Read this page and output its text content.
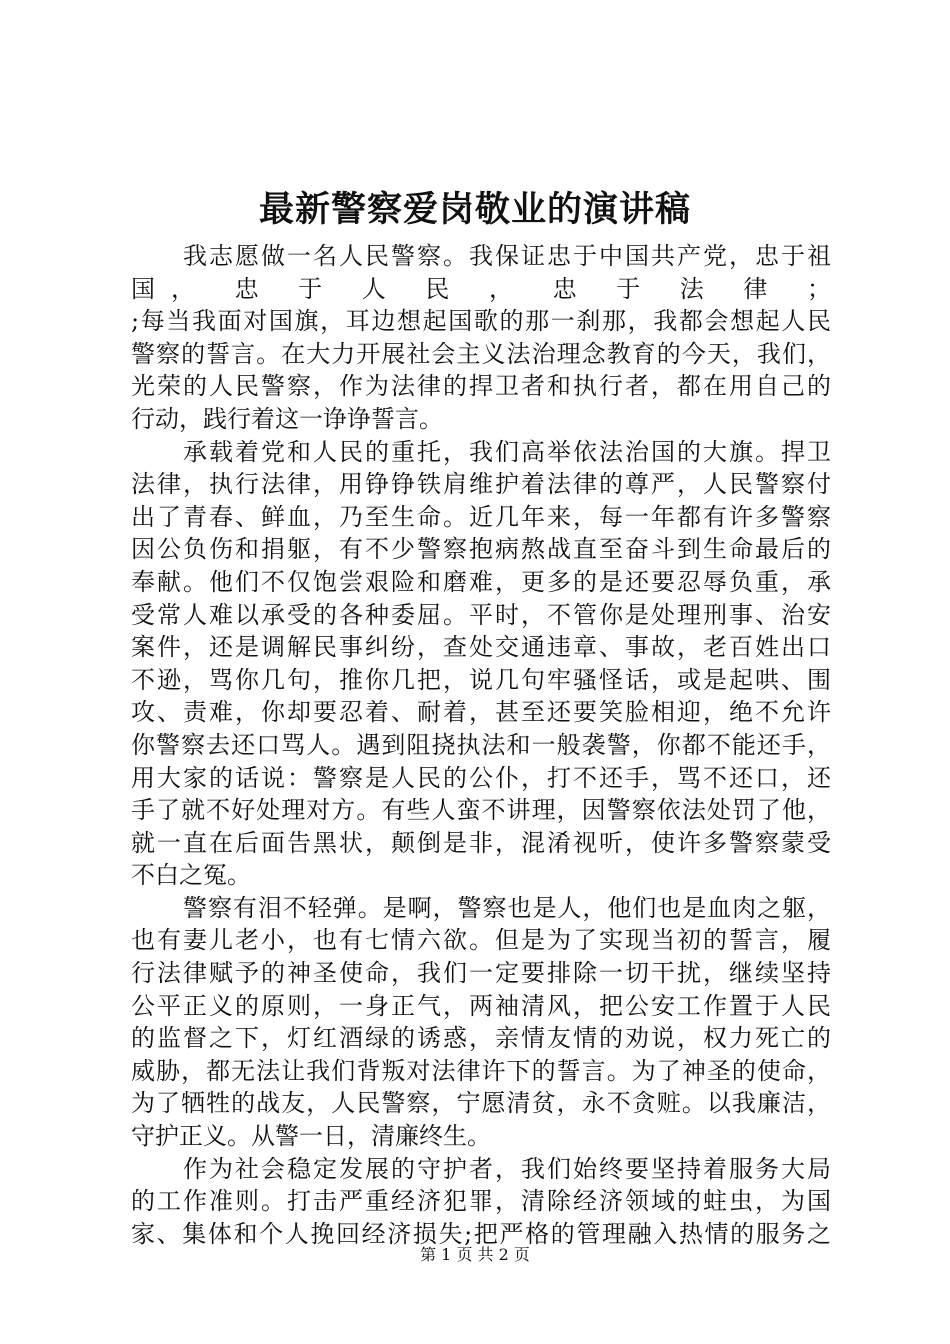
最新警察爱岗敬业的演讲稿
我志愿做一名人民警察。我保证忠于中国共产党，忠于祖
国， 忠 于 人 民 ， 忠 于 法 律 ；
;每当我面对国旗，耳边想起国歌的那一刹那，我都会想起人民
警察的誓言。在大力开展社会主义法治理念教育的今天，我们，
光荣的人民警察，作为法律的捍卫者和执行者，都在用自己的
行动，践行着这一诤诤誓言。
承载着党和人民的重托，我们高举依法治国的大旗。捍卫
法律，执行法律，用铮铮铁肩维护着法律的尊严，人民警察付
出了青春、鲜血，乃至生命。近几年来，每一年都有许多警察
因公负伤和捐躯，有不少警察抱病熬战直至奋斗到生命最后的
奉献。他们不仅饱尝艰险和磨难，更多的是还要忍辱负重，承
受常人难以承受的各种委屈。平时，不管你是处理刑事、治安
案件，还是调解民事纠纷，查处交通违章、事故，老百姓出口
不逊，骂你几句，推你几把，说几句牢骚怪话，或是起哄、围
攻、责难，你却要忍着、耐着，甚至还要笑脸相迎，绝不允许
你警察去还口骂人。遇到阻挠执法和一般袭警，你都不能还手，
用大家的话说：警察是人民的公仆，打不还手，骂不还口，还
手了就不好处理对方。有些人蛮不讲理，因警察依法处罚了他，
就一直在后面告黑状，颠倒是非，混淆视听，使许多警察蒙受
不白之冤。
警察有泪不轻弹。是啊，警察也是人，他们也是血肉之躯，
也有妻儿老小，也有七情六欲。但是为了实现当初的誓言，履
行法律赋予的神圣使命，我们一定要排除一切干扰，继续坚持
公平正义的原则，一身正气，两袖清风，把公安工作置于人民
的监督之下，灯红酒绿的诱惑，亲情友情的劝说，权力死亡的
威胁，都无法让我们背叛对法律许下的誓言。为了神圣的使命，
为了牺牲的战友，人民警察，宁愿清贫，永不贪赃。以我廉洁，
守护正义。从警一日，清廉终生。
作为社会稳定发展的守护者，我们始终要坚持着服务大局
的工作准则。打击严重经济犯罪，清除经济领域的蛀虫，为国
家、集体和个人挽回经济损失;把严格的管理融入热情的服务之
第 1 页 共 2 页
